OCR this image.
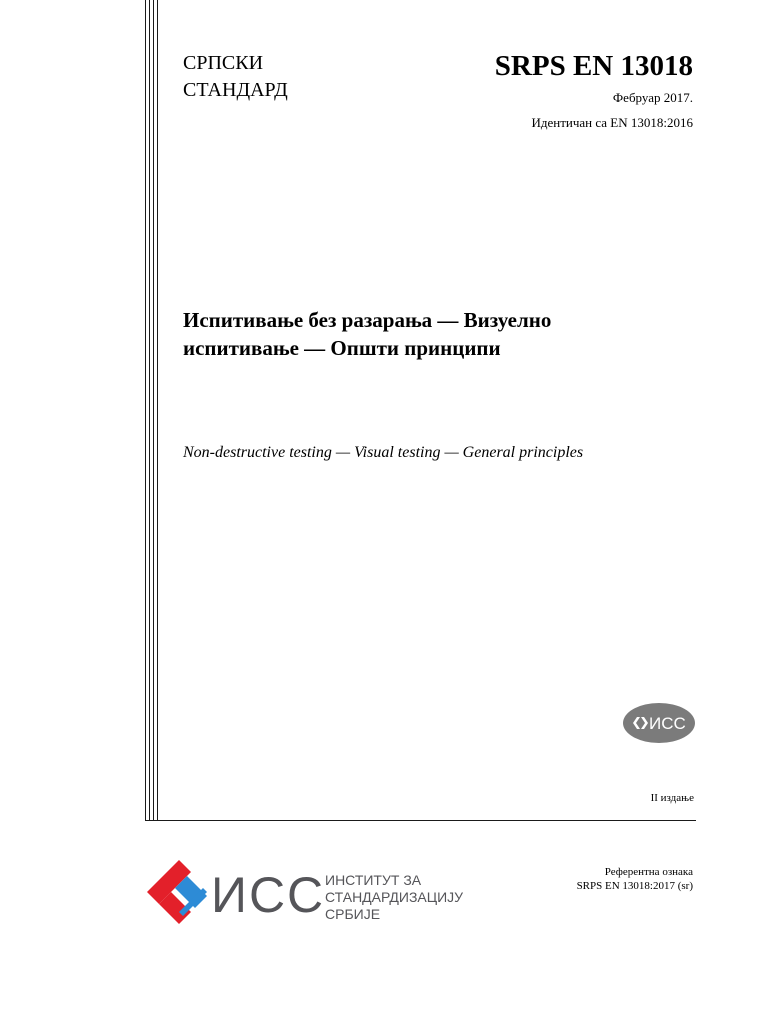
СРПСКИ
СТАНДАРД
SRPS EN 13018
Фебруар 2017.
Идентичан са EN 13018:2016
Испитивање без разарања — Визуелно
испитивање — Општи принципи
Non-destructive testing — Visual testing — General principles
ИСС
II издање
ИСС ИНСТИТУТ ЗА
СТАНДАРДИЗАЦИЈУ
СРБИЈЕ
Референтна ознака
SRPS EN 13018:2017 (sr)
